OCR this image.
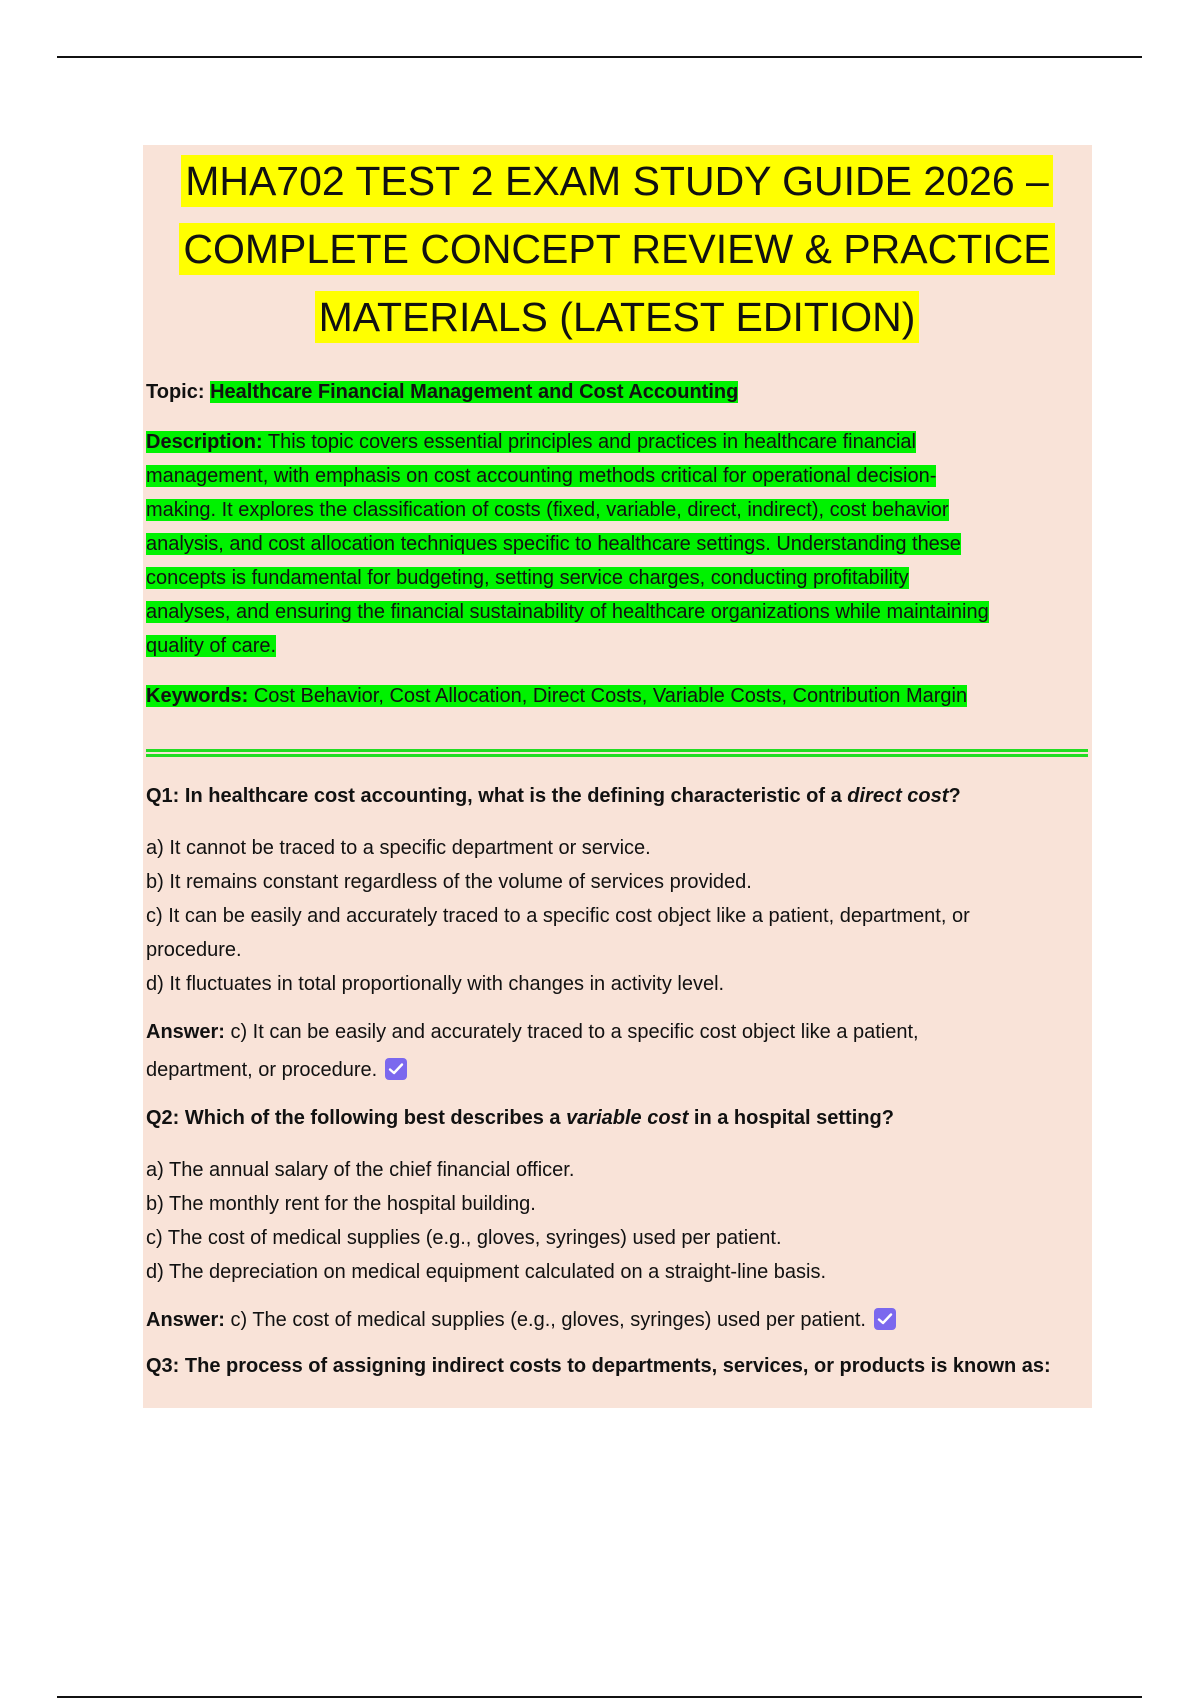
MHA702 TEST 2 EXAM STUDY GUIDE 2026 –
COMPLETE CONCEPT REVIEW & PRACTICE
MATERIALS (LATEST EDITION)

Topic: Healthcare Financial Management and Cost Accounting

Description: This topic covers essential principles and practices in healthcare financial
management, with emphasis on cost accounting methods critical for operational decision-
making. It explores the classification of costs (fixed, variable, direct, indirect), cost behavior
analysis, and cost allocation techniques specific to healthcare settings. Understanding these
concepts is fundamental for budgeting, setting service charges, conducting profitability
analyses, and ensuring the financial sustainability of healthcare organizations while maintaining
quality of care.

Keywords: Cost Behavior, Cost Allocation, Direct Costs, Variable Costs, Contribution Margin

Q1: In healthcare cost accounting, what is the defining characteristic of a direct cost?

a) It cannot be traced to a specific department or service.
b) It remains constant regardless of the volume of services provided.
c) It can be easily and accurately traced to a specific cost object like a patient, department, or
procedure.
d) It fluctuates in total proportionally with changes in activity level.

Answer: c) It can be easily and accurately traced to a specific cost object like a patient,
department, or procedure.

Q2: Which of the following best describes a variable cost in a hospital setting?

a) The annual salary of the chief financial officer.
b) The monthly rent for the hospital building.
c) The cost of medical supplies (e.g., gloves, syringes) used per patient.
d) The depreciation on medical equipment calculated on a straight-line basis.

Answer: c) The cost of medical supplies (e.g., gloves, syringes) used per patient.

Q3: The process of assigning indirect costs to departments, services, or products is known as:
